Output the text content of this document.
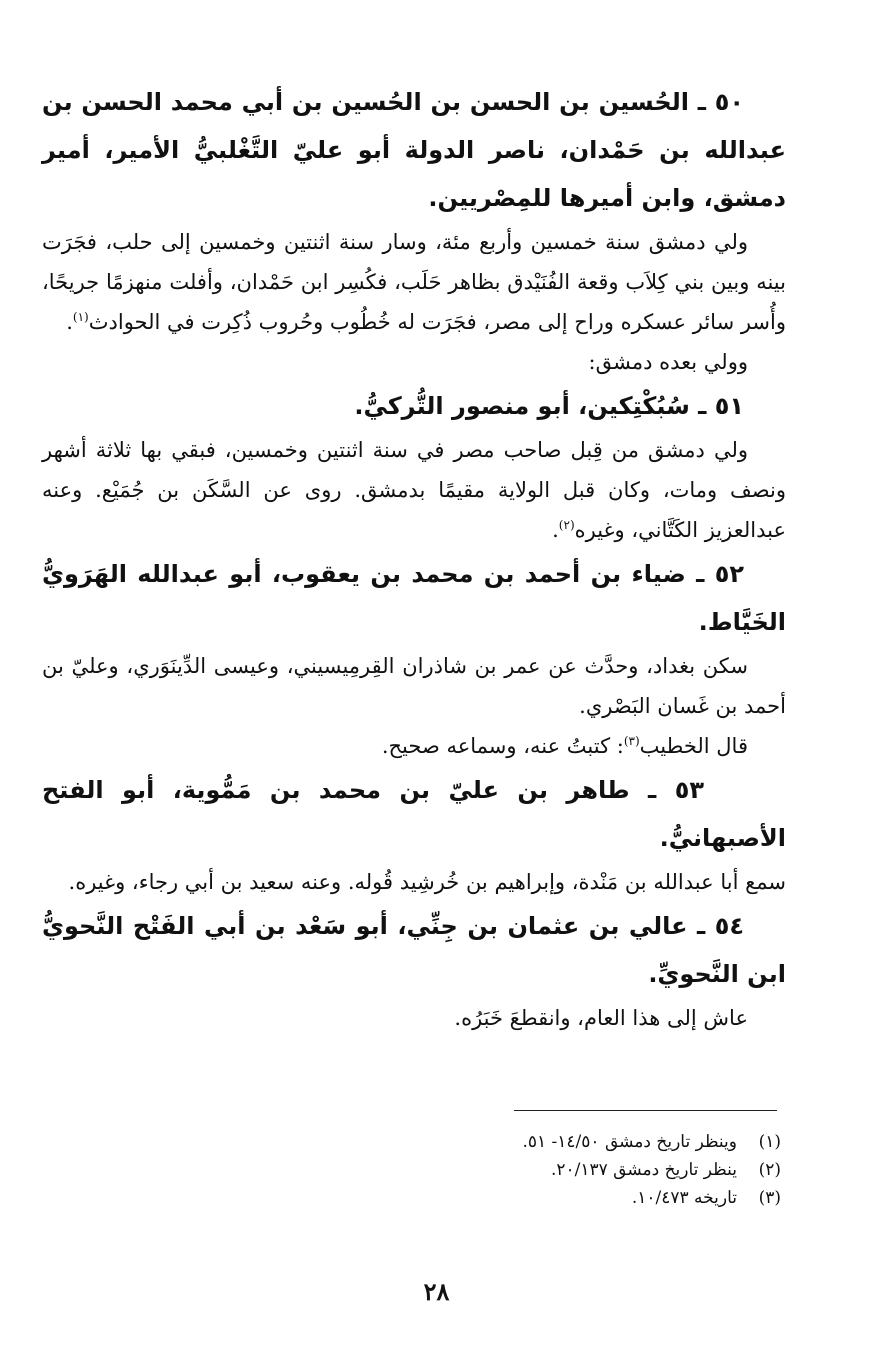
٥٠ ـ الحُسين بن الحسن بن الحُسين بن أبي محمد الحسن بن عبدالله بن حَمْدان، ناصر الدولة أبو عليّ التَّغْلبيُّ الأمير، أمير دمشق، وابن أميرها للمِصْريين.

ولي دمشق سنة خمسين وأربع مئة، وسار سنة اثنتين وخمسين إلى حلب، فجَرَت بينه وبين بني كِلاَب وقعة الفُنَيْدق بظاهر حَلَب، فكُسِر ابن حَمْدان، وأفلت منهزمًا جريحًا، وأُسر سائر عسكره وراح إلى مصر، فجَرَت له خُطُوب وحُروب ذُكِرت في الحوادث$^{(١)}$.

وولي بعده دمشق:

٥١ ـ سُبُكْتِكين، أبو منصور التُّركيُّ.

ولي دمشق من قِبل صاحب مصر في سنة اثنتين وخمسين، فبقي بها ثلاثة أشهر ونصف ومات، وكان قبل الولاية مقيمًا بدمشق. روى عن السَّكَن بن جُمَيْع. وعنه عبدالعزيز الكَتَّاني، وغيره$^{(٢)}$.

٥٢ ـ ضياء بن أحمد بن محمد بن يعقوب، أبو عبدالله الهَرَويُّ الخَيَّاط.

سكن بغداد، وحدَّث عن عمر بن شاذران القِرمِيسيني، وعيسى الدِّينَوَري، وعليّ بن أحمد بن غَسان البَصْري.

قال الخطيب$^{(٣)}$: كتبتُ عنه، وسماعه صحيح.

٥٣ ـ طاهر بن عليّ بن محمد بن مَمُّوية، أبو الفتح الأصبهانيُّ.

سمع أبا عبدالله بن مَنْدة، وإبراهيم بن خُرشِيد قُوله. وعنه سعيد بن أبي رجاء، وغيره.

٥٤ ـ عالي بن عثمان بن جِنِّي، أبو سَعْد بن أبي الفَتْح النَّحويُّ ابن النَّحويِّ.

عاش إلى هذا العام، وانقطعَ خَبَرُه.

(١)
وينظر تاريخ دمشق ١٤/٥٠- ٥١.
(٢)
ينظر تاريخ دمشق ٢٠/١٣٧.
(٣)
تاريخه ١٠/٤٧٣.
٢٨
